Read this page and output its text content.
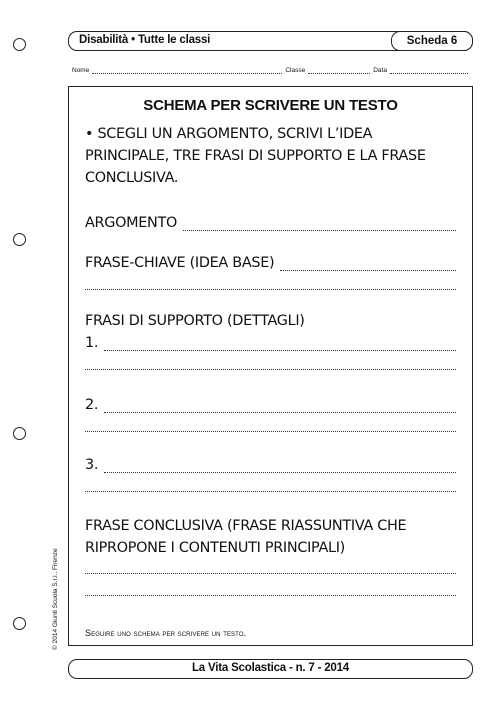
Disabilità • Tutte le classi	Scheda 6
Nome	Classe	Data
SCHEMA PER SCRIVERE UN TESTO
• SCEGLI UN ARGOMENTO, SCRIVI L’IDEA PRINCIPALE, TRE FRASI DI SUPPORTO E LA FRASE CONCLUSIVA.
ARGOMENTO
FRASE-CHIAVE (IDEA BASE)
FRASI DI SUPPORTO (DETTAGLI)
1.
2.
3.
FRASE CONCLUSIVA (FRASE RIASSUNTIVA CHE RIPROPONE I CONTENUTI PRINCIPALI)
Seguire uno schema per scrivere un testo.
© 2014 Giunti Scuola S.r.l., Firenze
La Vita Scolastica - n. 7 - 2014
